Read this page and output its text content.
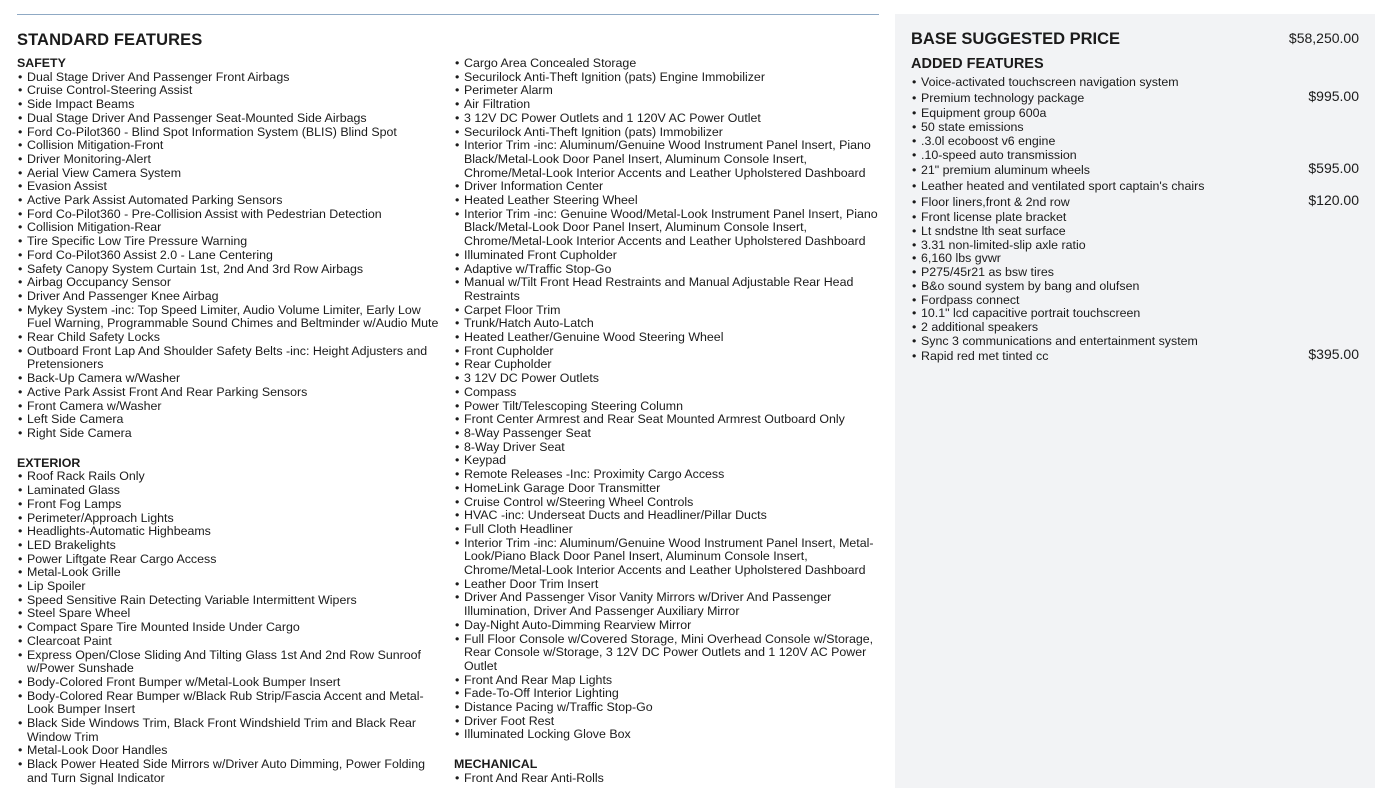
STANDARD FEATURES
SAFETY
• Dual Stage Driver And Passenger Front Airbags
• Cruise Control-Steering Assist
• Side Impact Beams
• Dual Stage Driver And Passenger Seat-Mounted Side Airbags
• Ford Co-Pilot360 - Blind Spot Information System (BLIS) Blind Spot
• Collision Mitigation-Front
• Driver Monitoring-Alert
• Aerial View Camera System
• Evasion Assist
• Active Park Assist Automated Parking Sensors
• Ford Co-Pilot360 - Pre-Collision Assist with Pedestrian Detection
• Collision Mitigation-Rear
• Tire Specific Low Tire Pressure Warning
• Ford Co-Pilot360 Assist 2.0 - Lane Centering
• Safety Canopy System Curtain 1st, 2nd And 3rd Row Airbags
• Airbag Occupancy Sensor
• Driver And Passenger Knee Airbag
• Mykey System -inc: Top Speed Limiter, Audio Volume Limiter, Early Low Fuel Warning, Programmable Sound Chimes and Beltminder w/Audio Mute
• Rear Child Safety Locks
• Outboard Front Lap And Shoulder Safety Belts -inc: Height Adjusters and Pretensioners
• Back-Up Camera w/Washer
• Active Park Assist Front And Rear Parking Sensors
• Front Camera w/Washer
• Left Side Camera
• Right Side Camera
EXTERIOR
• Roof Rack Rails Only
• Laminated Glass
• Front Fog Lamps
• Perimeter/Approach Lights
• Headlights-Automatic Highbeams
• LED Brakelights
• Power Liftgate Rear Cargo Access
• Metal-Look Grille
• Lip Spoiler
• Speed Sensitive Rain Detecting Variable Intermittent Wipers
• Steel Spare Wheel
• Compact Spare Tire Mounted Inside Under Cargo
• Clearcoat Paint
• Express Open/Close Sliding And Tilting Glass 1st And 2nd Row Sunroof w/Power Sunshade
• Body-Colored Front Bumper w/Metal-Look Bumper Insert
• Body-Colored Rear Bumper w/Black Rub Strip/Fascia Accent and Metal-Look Bumper Insert
• Black Side Windows Trim, Black Front Windshield Trim and Black Rear Window Trim
• Metal-Look Door Handles
• Black Power Heated Side Mirrors w/Driver Auto Dimming, Power Folding and Turn Signal Indicator
• Cargo Area Concealed Storage
• Securilock Anti-Theft Ignition (pats) Engine Immobilizer
• Perimeter Alarm
• Air Filtration
• 3 12V DC Power Outlets and 1 120V AC Power Outlet
• Securilock Anti-Theft Ignition (pats) Immobilizer
• Interior Trim -inc: Aluminum/Genuine Wood Instrument Panel Insert, Piano Black/Metal-Look Door Panel Insert, Aluminum Console Insert, Chrome/Metal-Look Interior Accents and Leather Upholstered Dashboard
• Driver Information Center
• Heated Leather Steering Wheel
• Interior Trim -inc: Genuine Wood/Metal-Look Instrument Panel Insert, Piano Black/Metal-Look Door Panel Insert, Aluminum Console Insert, Chrome/Metal-Look Interior Accents and Leather Upholstered Dashboard
• Illuminated Front Cupholder
• Adaptive w/Traffic Stop-Go
• Manual w/Tilt Front Head Restraints and Manual Adjustable Rear Head Restraints
• Carpet Floor Trim
• Trunk/Hatch Auto-Latch
• Heated Leather/Genuine Wood Steering Wheel
• Front Cupholder
• Rear Cupholder
• 3 12V DC Power Outlets
• Compass
• Power Tilt/Telescoping Steering Column
• Front Center Armrest and Rear Seat Mounted Armrest Outboard Only
• 8-Way Passenger Seat
• 8-Way Driver Seat
• Keypad
• Remote Releases -Inc: Proximity Cargo Access
• HomeLink Garage Door Transmitter
• Cruise Control w/Steering Wheel Controls
• HVAC -inc: Underseat Ducts and Headliner/Pillar Ducts
• Full Cloth Headliner
• Interior Trim -inc: Aluminum/Genuine Wood Instrument Panel Insert, Metal-Look/Piano Black Door Panel Insert, Aluminum Console Insert, Chrome/Metal-Look Interior Accents and Leather Upholstered Dashboard
• Leather Door Trim Insert
• Driver And Passenger Visor Vanity Mirrors w/Driver And Passenger Illumination, Driver And Passenger Auxiliary Mirror
• Day-Night Auto-Dimming Rearview Mirror
• Full Floor Console w/Covered Storage, Mini Overhead Console w/Storage, Rear Console w/Storage, 3 12V DC Power Outlets and 1 120V AC Power Outlet
• Front And Rear Map Lights
• Fade-To-Off Interior Lighting
• Distance Pacing w/Traffic Stop-Go
• Driver Foot Rest
• Illuminated Locking Glove Box
MECHANICAL
• Front And Rear Anti-Rolls
BASE SUGGESTED PRICE	$58,250.00
ADDED FEATURES
• Voice-activated touchscreen navigation system
• Premium technology package	$995.00
• Equipment group 600a
• 50 state emissions
• .3.0l ecoboost v6 engine
• .10-speed auto transmission
• 21" premium aluminum wheels	$595.00
• Leather heated and ventilated sport captain's chairs
• Floor liners,front & 2nd row	$120.00
• Front license plate bracket
• Lt sndstne lth seat surface
• 3.31 non-limited-slip axle ratio
• 6,160 lbs gvwr
• P275/45r21 as bsw tires
• B&o sound system by bang and olufsen
• Fordpass connect
• 10.1" lcd capacitive portrait touchscreen
• 2 additional speakers
• Sync 3 communications and entertainment system
• Rapid red met tinted cc	$395.00
